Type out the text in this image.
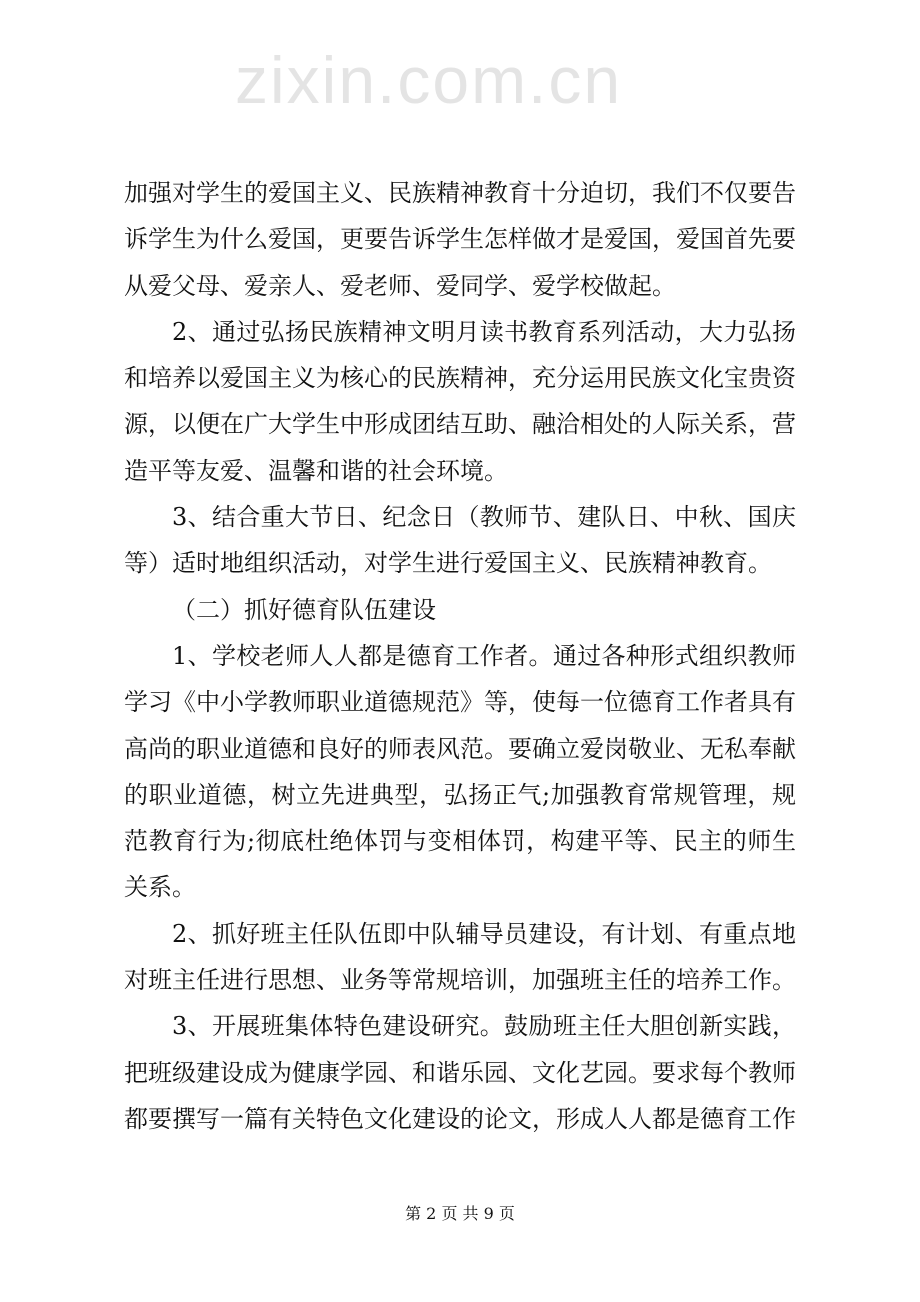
zixin.com.cn
加强对学生的爱国主义、民族精神教育十分迫切，我们不仅要告
诉学生为什么爱国，更要告诉学生怎样做才是爱国，爱国首先要
从爱父母、爱亲人、爱老师、爱同学、爱学校做起。
2、通过弘扬民族精神文明月读书教育系列活动，大力弘扬
和培养以爱国主义为核心的民族精神，充分运用民族文化宝贵资
源，以便在广大学生中形成团结互助、融洽相处的人际关系，营
造平等友爱、温馨和谐的社会环境。
3、结合重大节日、纪念日（教师节、建队日、中秋、国庆
等）适时地组织活动，对学生进行爱国主义、民族精神教育。
（二）抓好德育队伍建设
1、学校老师人人都是德育工作者。通过各种形式组织教师
学习《中小学教师职业道德规范》等，使每一位德育工作者具有
高尚的职业道德和良好的师表风范。要确立爱岗敬业、无私奉献
的职业道德，树立先进典型，弘扬正气;加强教育常规管理，规
范教育行为;彻底杜绝体罚与变相体罚，构建平等、民主的师生
关系。
2、抓好班主任队伍即中队辅导员建设，有计划、有重点地
对班主任进行思想、业务等常规培训，加强班主任的培养工作。
3、开展班集体特色建设研究。鼓励班主任大胆创新实践，
把班级建设成为健康学园、和谐乐园、文化艺园。要求每个教师
都要撰写一篇有关特色文化建设的论文，形成人人都是德育工作
第 2 页 共 9 页
